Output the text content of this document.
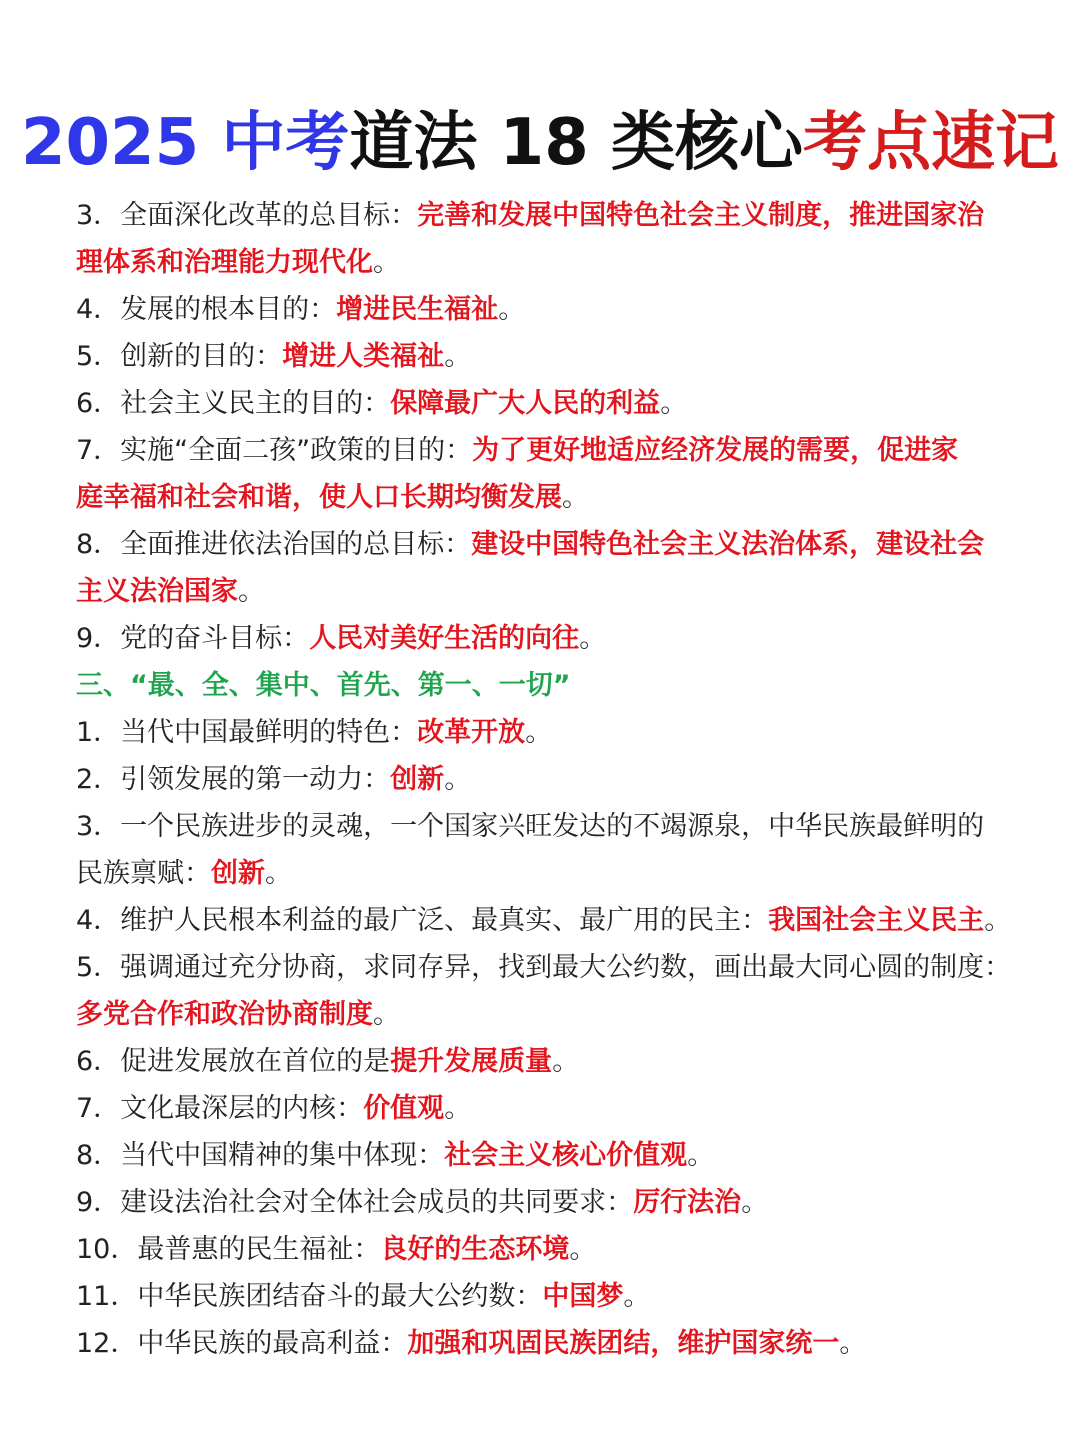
2025 中考道法 18 类核心考点速记
3．全面深化改革的总目标：完善和发展中国特色社会主义制度，推进国家治
理体系和治理能力现代化。
4．发展的根本目的：增进民生福祉。
5．创新的目的：增进人类福祉。
6．社会主义民主的目的：保障最广大人民的利益。
7．实施“全面二孩”政策的目的：为了更好地适应经济发展的需要，促进家
庭幸福和社会和谐，使人口长期均衡发展。
8．全面推进依法治国的总目标：建设中国特色社会主义法治体系，建设社会
主义法治国家。
9．党的奋斗目标：人民对美好生活的向往。
三、“最、全、集中、首先、第一、一切”
1．当代中国最鲜明的特色：改革开放。
2．引领发展的第一动力：创新。
3．一个民族进步的灵魂，一个国家兴旺发达的不竭源泉，中华民族最鲜明的
民族禀赋：创新。
4．维护人民根本利益的最广泛、最真实、最广用的民主：我国社会主义民主。
5．强调通过充分协商，求同存异，找到最大公约数，画出最大同心圆的制度：
多党合作和政治协商制度。
6．促进发展放在首位的是提升发展质量。
7．文化最深层的内核：价值观。
8．当代中国精神的集中体现：社会主义核心价值观。
9．建设法治社会对全体社会成员的共同要求：厉行法治。
10．最普惠的民生福祉：良好的生态环境。
11．中华民族团结奋斗的最大公约数：中国梦。
12．中华民族的最高利益：加强和巩固民族团结，维护国家统一。
